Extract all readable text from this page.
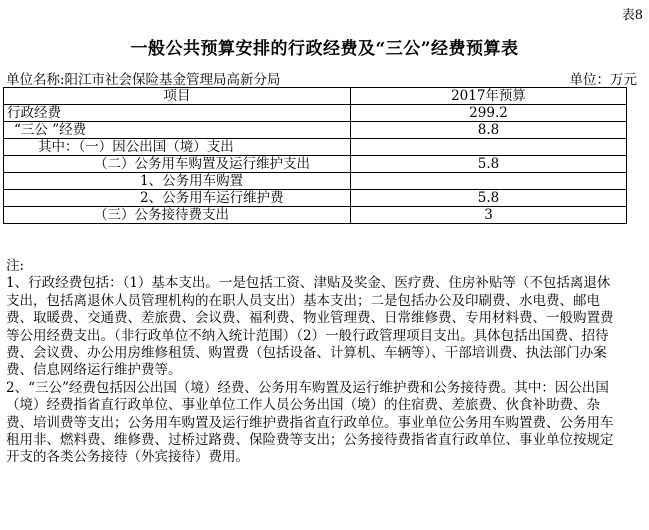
表8
一般公共预算安排的行政经费及“三公”经费预算表
单位名称:阳江市社会保险基金管理局高新分局	单位：万元
项目	2017年预算
行政经费	299.2
“三公 ”经费	8.8
其中：（一）因公出国（境）支出	
（二）公务用车购置及运行维护支出	5.8
1、公务用车购置	
2、公务用车运行维护费	5.8
（三）公务接待费支出	3

注:

1、行政经费包括：（1）基本支出。一是包括工资、津贴及奖金、医疗费、住房补贴等（不包括离退休支出，包括离退休人员管理机构的在职人员支出）基本支出；二是包括办公及印刷费、水电费、邮电费、取暖费、交通费、差旅费、会议费、福利费、物业管理费、日常维修费、专用材料费、一般购置费等公用经费支出。（非行政单位不纳入统计范围）（2）一般行政管理项目支出。具体包括出国费、招待费、会议费、办公用房维修租赁、购置费（包括设备、计算机、车辆等）、干部培训费、执法部门办案费、信息网络运行维护费等。

2、“三公”经费包括因公出国（境）经费、公务用车购置及运行维护费和公务接待费。其中：因公出国（境）经费指省直行政单位、事业单位工作人员公务出国（境）的住宿费、差旅费、伙食补助费、杂费、培训费等支出；公务用车购置及运行维护费指省直行政单位。事业单位公务用车购置费、公务用车租用非、燃料费、维修费、过桥过路费、保险费等支出；公务接待费指省直行政单位、事业单位按规定开支的各类公务接待（外宾接待）费用。
